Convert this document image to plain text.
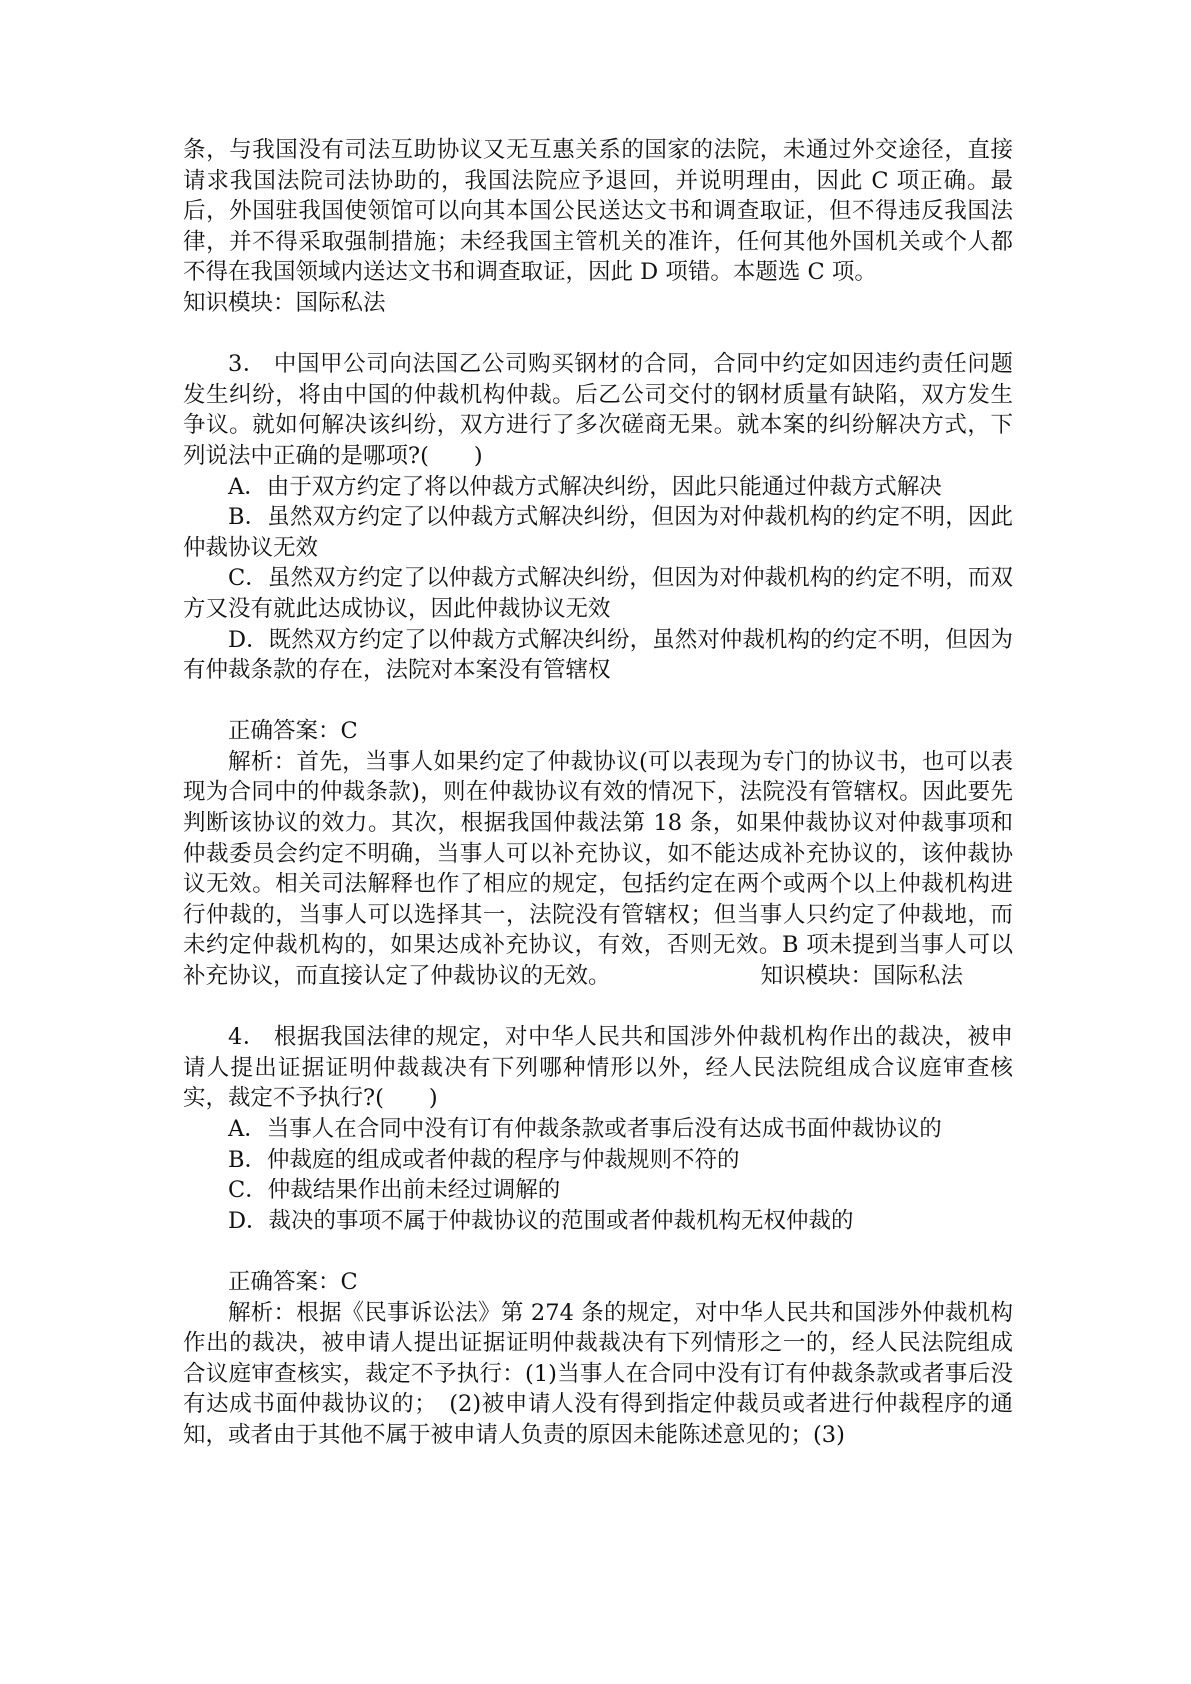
条，与我国没有司法互助协议又无互惠关系的国家的法院，未通过外交途径，直接请求我国法院司法协助的，我国法院应予退回，并说明理由，因此 C 项正确。最后，外国驻我国使领馆可以向其本国公民送达文书和调查取证，但不得违反我国法律，并不得采取强制措施；未经我国主管机关的准许，任何其他外国机关或个人都不得在我国领域内送达文书和调查取证，因此 D 项错。本题选 C 项。

知识模块：国际私法

3． 中国甲公司向法国乙公司购买钢材的合同，合同中约定如因违约责任问题发生纠纷，将由中国的仲裁机构仲裁。后乙公司交付的钢材质量有缺陷，双方发生争议。就如何解决该纠纷，双方进行了多次磋商无果。就本案的纠纷解决方式，下列说法中正确的是哪项?(　　)

A．由于双方约定了将以仲裁方式解决纠纷，因此只能通过仲裁方式解决

B．虽然双方约定了以仲裁方式解决纠纷，但因为对仲裁机构的约定不明，因此仲裁协议无效

C．虽然双方约定了以仲裁方式解决纠纷，但因为对仲裁机构的约定不明，而双方又没有就此达成协议，因此仲裁协议无效

D．既然双方约定了以仲裁方式解决纠纷，虽然对仲裁机构的约定不明，但因为有仲裁条款的存在，法院对本案没有管辖权

正确答案：C

解析：首先，当事人如果约定了仲裁协议(可以表现为专门的协议书，也可以表现为合同中的仲裁条款)，则在仲裁协议有效的情况下，法院没有管辖权。因此要先判断该协议的效力。其次，根据我国仲裁法第 18 条，如果仲裁协议对仲裁事项和仲裁委员会约定不明确，当事人可以补充协议，如不能达成补充协议的，该仲裁协议无效。相关司法解释也作了相应的规定，包括约定在两个或两个以上仲裁机构进行仲裁的，当事人可以选择其一，法院没有管辖权；但当事人只约定了仲裁地，而未约定仲裁机构的，如果达成补充协议，有效，否则无效。B 项未提到当事人可以补充协议，而直接认定了仲裁协议的无效。	知识模块：国际私法

4． 根据我国法律的规定，对中华人民共和国涉外仲裁机构作出的裁决，被申请人提出证据证明仲裁裁决有下列哪种情形以外，经人民法院组成合议庭审查核实，裁定不予执行?(　　)

A．当事人在合同中没有订有仲裁条款或者事后没有达成书面仲裁协议的

B．仲裁庭的组成或者仲裁的程序与仲裁规则不符的

C．仲裁结果作出前未经过调解的

D．裁决的事项不属于仲裁协议的范围或者仲裁机构无权仲裁的

正确答案：C

解析：根据《民事诉讼法》第 274 条的规定，对中华人民共和国涉外仲裁机构作出的裁决，被申请人提出证据证明仲裁裁决有下列情形之一的，经人民法院组成合议庭审查核实，裁定不予执行：(1)当事人在合同中没有订有仲裁条款或者事后没有达成书面仲裁协议的；　(2)被申请人没有得到指定仲裁员或者进行仲裁程序的通知，或者由于其他不属于被申请人负责的原因未能陈述意见的；(3)
